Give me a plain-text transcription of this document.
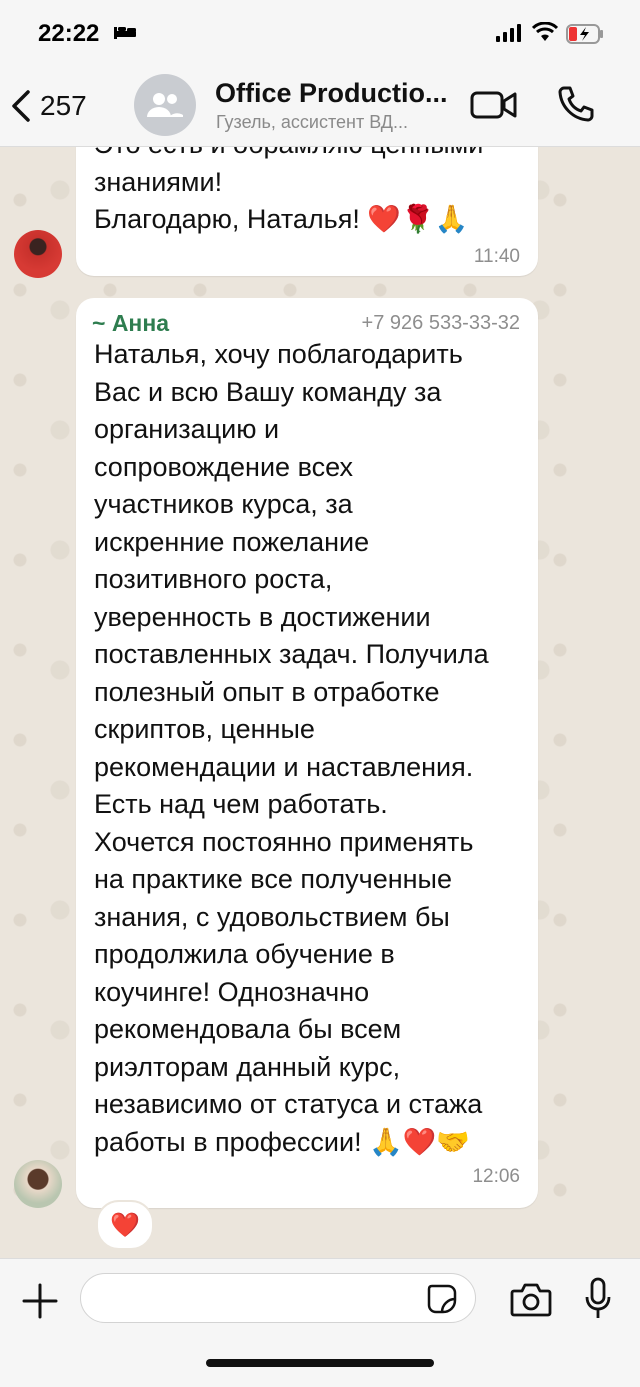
22:22
257	Office Productio...
Гузель, ассистент ВД...

знаниями!
Благодарю, Наталья! ❤️🌹🙏
11:40
~ Анна	+7 926 533-33-32
Наталья, хочу поблагодарить
Вас и всю Вашу команду за
организацию и
сопровождение всех
участников курса, за
искренние пожелание
позитивного роста,
уверенность в достижении
поставленных задач. Получила
полезный опыт в отработке
скриптов, ценные
рекомендации и наставления.
Есть над чем работать.
Хочется постоянно применять
на практике все полученные
знания, с удовольствием бы
продолжила обучение в
коучинге! Однозначно
рекомендовала бы всем
риэлторам данный курс,
независимо от статуса и стажа
работы в профессии! 🙏❤️🤝
12:06
❤️
